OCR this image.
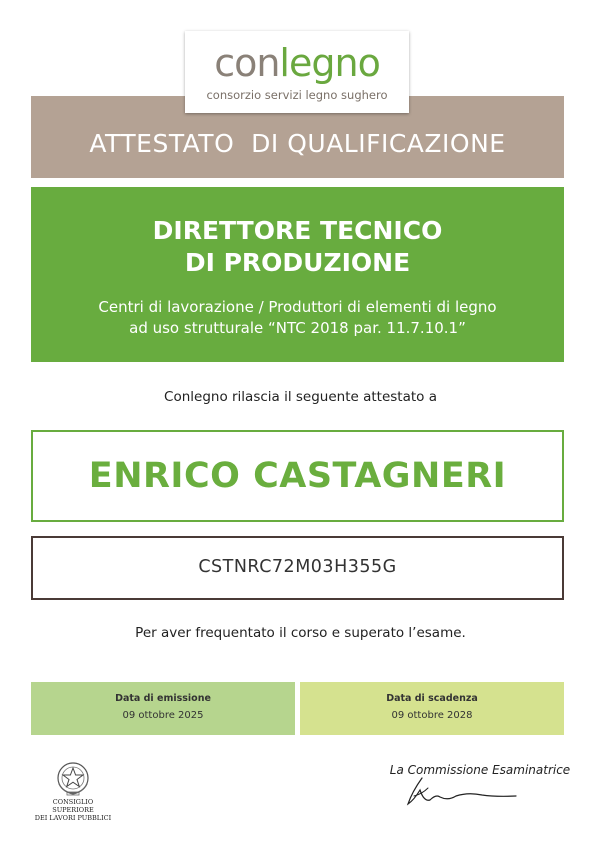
conlegno
consorzio servizi legno sughero
ATTESTATO  DI QUALIFICAZIONE
DIRETTORE TECNICO
DI PRODUZIONE
Centri di lavorazione / Produttori di elementi di legno
ad uso strutturale “NTC 2018 par. 11.7.10.1”
Conlegno rilascia il seguente attestato a
ENRICO CASTAGNERI
CSTNRC72M03H355G
Per aver frequentato il corso e superato l’esame.
Data di emissione
09 ottobre 2025
Data di scadenza
09 ottobre 2028
CONSIGLIO SUPERIORE
DEI LAVORI PUBBLICI
La Commissione Esaminatrice
